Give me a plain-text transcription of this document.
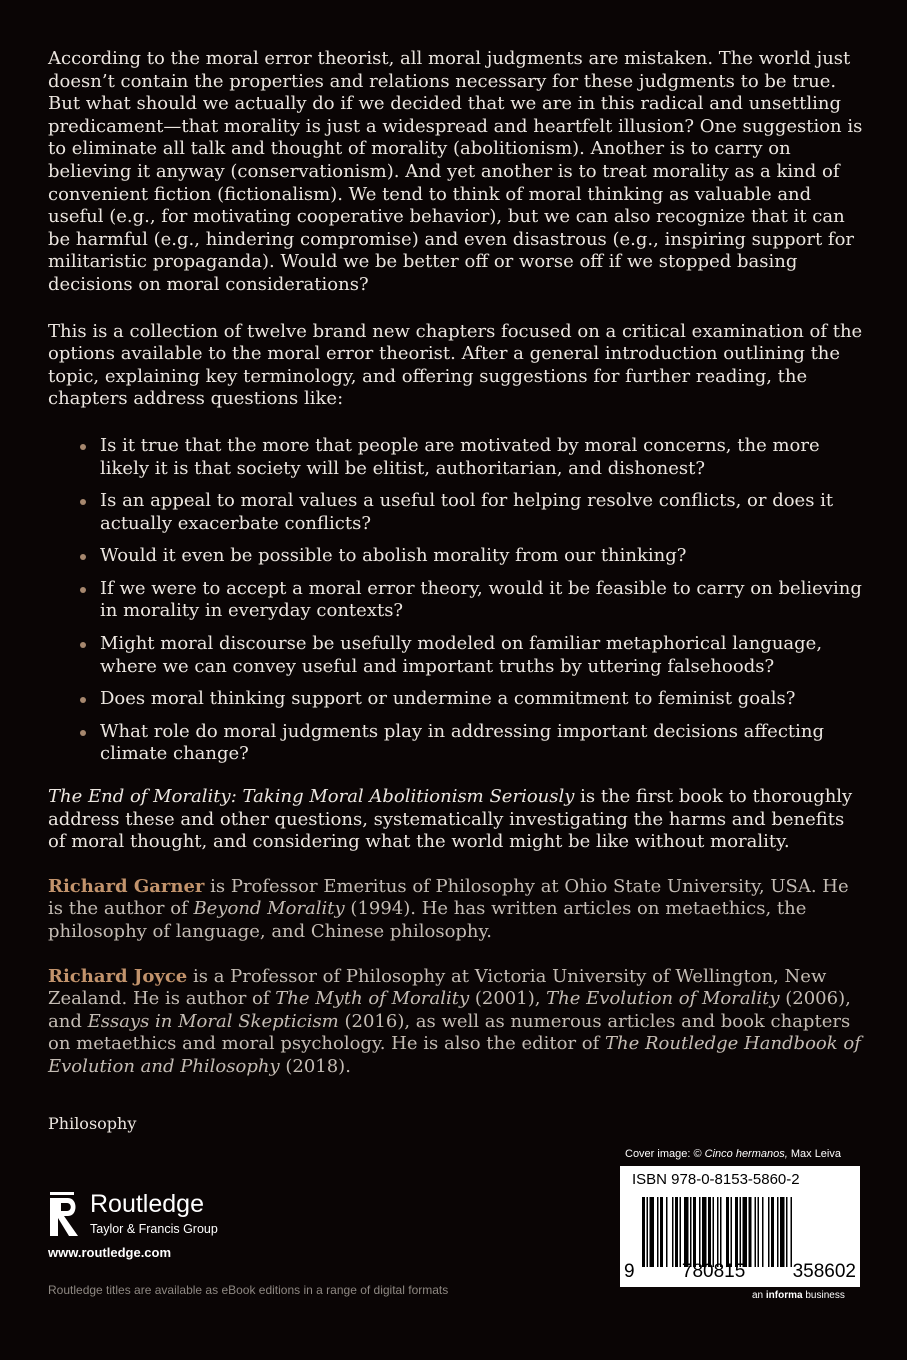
According to the moral error theorist, all moral judgments are mistaken. The world just doesn’t contain the properties and relations necessary for these judgments to be true. But what should we actually do if we decided that we are in this radical and unsettling predicament—that morality is just a widespread and heartfelt illusion? One suggestion is to eliminate all talk and thought of morality (abolitionism). Another is to carry on believing it anyway (conservationism). And yet another is to treat morality as a kind of convenient fiction (fictionalism). We tend to think of moral thinking as valuable and useful (e.g., for motivating cooperative behavior), but we can also recognize that it can be harmful (e.g., hindering compromise) and even disastrous (e.g., inspiring support for militaristic propaganda). Would we be better off or worse off if we stopped basing decisions on moral considerations?

This is a collection of twelve brand new chapters focused on a critical examination of the options available to the moral error theorist. After a general introduction outlining the topic, explaining key terminology, and offering suggestions for further reading, the chapters address questions like:

Is it true that the more that people are motivated by moral concerns, the more likely it is that society will be elitist, authoritarian, and dishonest?
Is an appeal to moral values a useful tool for helping resolve conflicts, or does it actually exacerbate conflicts?
Would it even be possible to abolish morality from our thinking?
If we were to accept a moral error theory, would it be feasible to carry on believing in morality in everyday contexts?
Might moral discourse be usefully modeled on familiar metaphorical language, where we can convey useful and important truths by uttering falsehoods?
Does moral thinking support or undermine a commitment to feminist goals?
What role do moral judgments play in addressing important decisions affecting climate change?

The End of Morality: Taking Moral Abolitionism Seriously is the first book to thoroughly address these and other questions, systematically investigating the harms and benefits of moral thought, and considering what the world might be like without morality.

Richard Garner is Professor Emeritus of Philosophy at Ohio State University, USA. He is the author of Beyond Morality (1994). He has written articles on metaethics, the philosophy of language, and Chinese philosophy.

Richard Joyce is a Professor of Philosophy at Victoria University of Wellington, New Zealand. He is author of The Myth of Morality (2001), The Evolution of Morality (2006), and Essays in Moral Skepticism (2016), as well as numerous articles and book chapters on metaethics and moral psychology. He is also the editor of The Routledge Handbook of Evolution and Philosophy (2018).

Philosophy
Routledge
Taylor & Francis Group
www.routledge.com
Routledge titles are available as eBook editions in a range of digital formats
Cover image: © Cinco hermanos, Max Leiva
ISBN 978-0-8153-5860-2
9 780815 358602
an informa business
